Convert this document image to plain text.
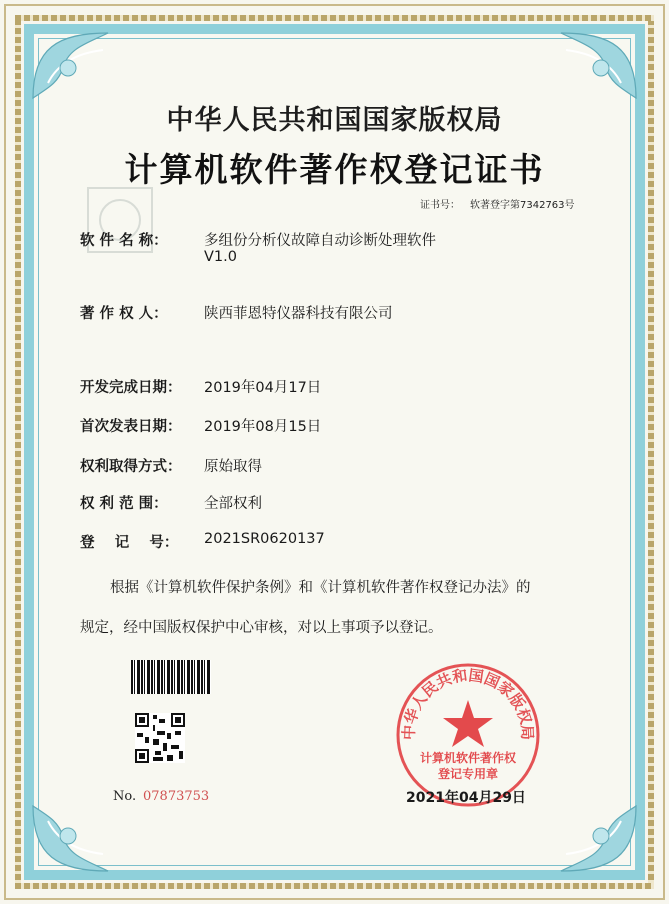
中华人民共和国国家版权局
计算机软件著作权登记证书
证书号： 软著登字第7342763号
软 件 名 称：	多组份分析仪故障自动诊断处理软件
V1.0
著 作 权 人：	陕西菲恩特仪器科技有限公司
开发完成日期：	2019年04月17日
首次发表日期：	2019年08月15日
权利取得方式：	原始取得
权 利 范 围：	全部权利
登    记    号：	2021SR0620137
根据《计算机软件保护条例》和《计算机软件著作权登记办法》的
规定，经中国版权保护中心审核，对以上事项予以登记。
No. 07873753
中华人民共和国国家版权局
计算机软件著作权
登记专用章
2021年04月29日
